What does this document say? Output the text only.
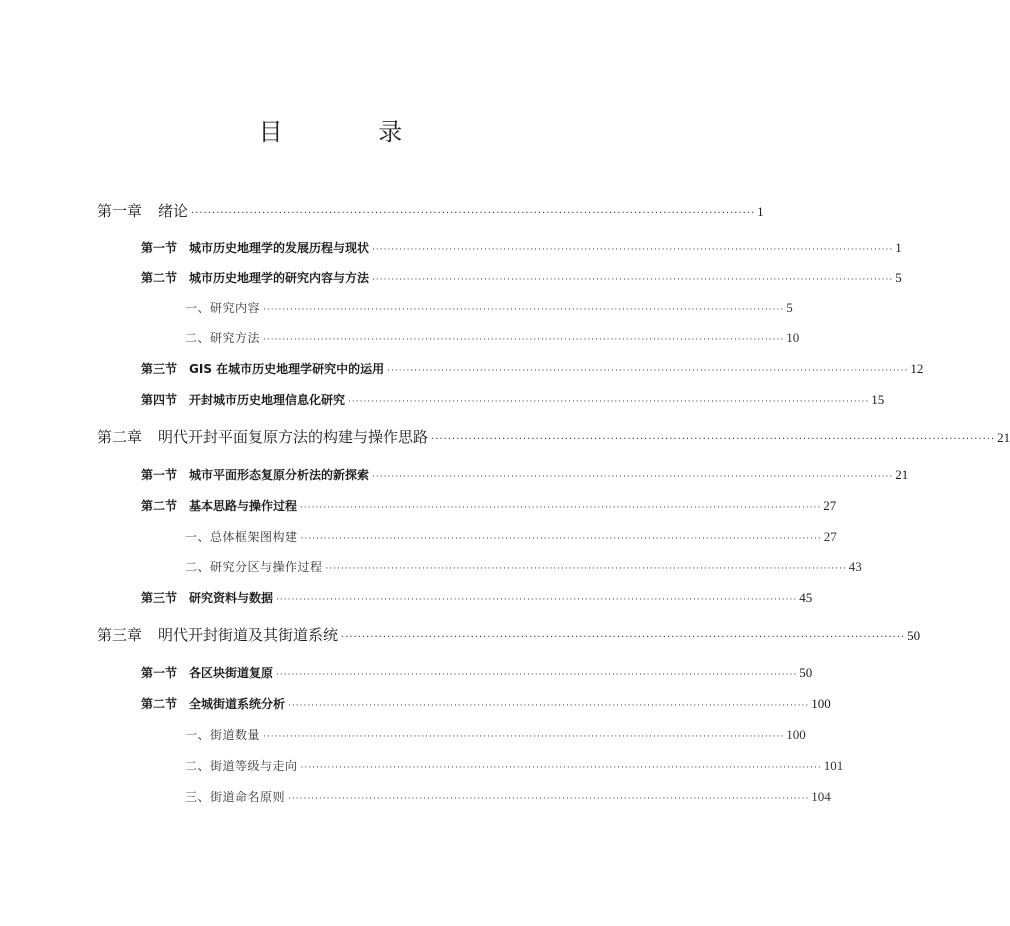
目 录
第一章 绪论 ······································································································································· 1
第一节 城市历史地理学的发展历程与现状 ······································································································································· 1
第二节 城市历史地理学的研究内容与方法 ······································································································································· 5
一、研究内容 ······································································································································· 5
二、研究方法 ······································································································································· 10
第三节 GIS 在城市历史地理学研究中的运用 ······································································································································· 12
第四节 开封城市历史地理信息化研究 ······································································································································· 15
第二章 明代开封平面复原方法的构建与操作思路 ······································································································································· 21
第一节 城市平面形态复原分析法的新探索 ······································································································································· 21
第二节 基本思路与操作过程 ······································································································································· 27
一、总体框架图构建 ······································································································································· 27
二、研究分区与操作过程 ······································································································································· 43
第三节 研究资料与数据 ······································································································································· 45
第三章 明代开封街道及其街道系统 ······································································································································· 50
第一节 各区块街道复原 ······································································································································· 50
第二节 全城街道系统分析 ······································································································································· 100
一、街道数量 ······································································································································· 100
二、街道等级与走向 ······································································································································· 101
三、街道命名原则 ······································································································································· 104
